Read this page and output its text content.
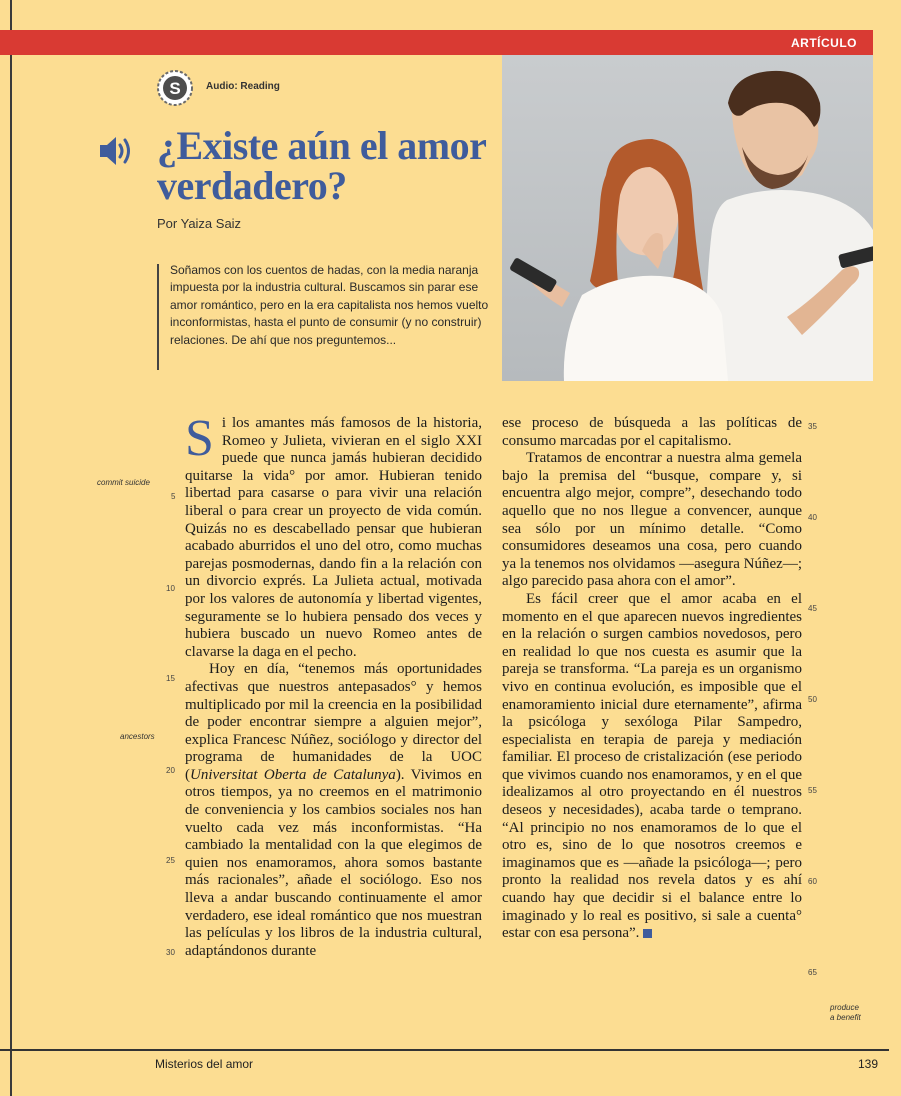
ARTÍCULO
S	Audio: Reading
¿Existe aún el amor verdadero?
Por Yaiza Saiz

Soñamos con los cuentos de hadas, con la media naranja impuesta por la industria cultural. Buscamos sin parar ese amor romántico, pero en la era capitalista nos hemos vuelto inconformistas, hasta el punto de consumir (y no construir) relaciones. De ahí que nos preguntemos...

Si los amantes más famosos de la historia, Romeo y Julieta, vivieran en el siglo XXI puede que nunca jamás hubieran decidido quitarse la vida° por amor. Hubieran tenido libertad para casarse o para vivir una relación liberal o para crear un proyecto de vida común. Quizás no es descabellado pensar que hubieran acabado aburridos el uno del otro, como muchas parejas posmodernas, dando fin a la relación con un divorcio exprés. La Julieta actual, motivada por los valores de autonomía y libertad vigentes, seguramente se lo hubiera pensado dos veces y hubiera buscado un nuevo Romeo antes de clavarse la daga en el pecho.

Hoy en día, “tenemos más oportunidades afectivas que nuestros antepasados° y hemos multiplicado por mil la creencia en la posibilidad de poder encontrar siempre a alguien mejor”, explica Francesc Núñez, sociólogo y director del programa de humanidades de la UOC (Universitat Oberta de Catalunya). Vivimos en otros tiempos, ya no creemos en el matrimonio de conveniencia y los cambios sociales nos han vuelto cada vez más inconformistas. “Ha cambiado la mentalidad con la que elegimos de quien nos enamoramos, ahora somos bastante más racionales”, añade el sociólogo. Eso nos lleva a andar buscando continuamente el amor verdadero, ese ideal romántico que nos muestran las películas y los libros de la industria cultural, adaptándonos durante

ese proceso de búsqueda a las políticas de consumo marcadas por el capitalismo.

Tratamos de encontrar a nuestra alma gemela bajo la premisa del “busque, compare y, si encuentra algo mejor, compre”, desechando todo aquello que no nos llegue a convencer, aunque sea sólo por un mínimo detalle. “Como consumidores deseamos una cosa, pero cuando ya la tenemos nos olvidamos —asegura Núñez—; algo parecido pasa ahora con el amor”.

Es fácil creer que el amor acaba en el momento en el que aparecen nuevos ingredientes en la relación o surgen cambios novedosos, pero en realidad lo que nos cuesta es asumir que la pareja se transforma. “La pareja es un organismo vivo en continua evolución, es imposible que el enamoramiento inicial dure eternamente”, afirma la psicóloga y sexóloga Pilar Sampedro, especialista en terapia de pareja y mediación familiar. El proceso de cristalización (ese periodo que vivimos cuando nos enamoramos, y en el que idealizamos al otro proyectando en él nuestros deseos y necesidades), acaba tarde o temprano. “Al principio no nos enamoramos de lo que el otro es, sino de lo que nosotros creemos e imaginamos que es —añade la psicóloga—; pero pronto la realidad nos revela datos y es ahí cuando hay que decidir si el balance entre lo imaginado y lo real es positivo, si sale a cuenta° estar con esa persona”.

5
10
15
20
25
30
35
40
45
50
55
60
65
commit suicide
ancestors
produce
a benefit
Misterios del amor	139
